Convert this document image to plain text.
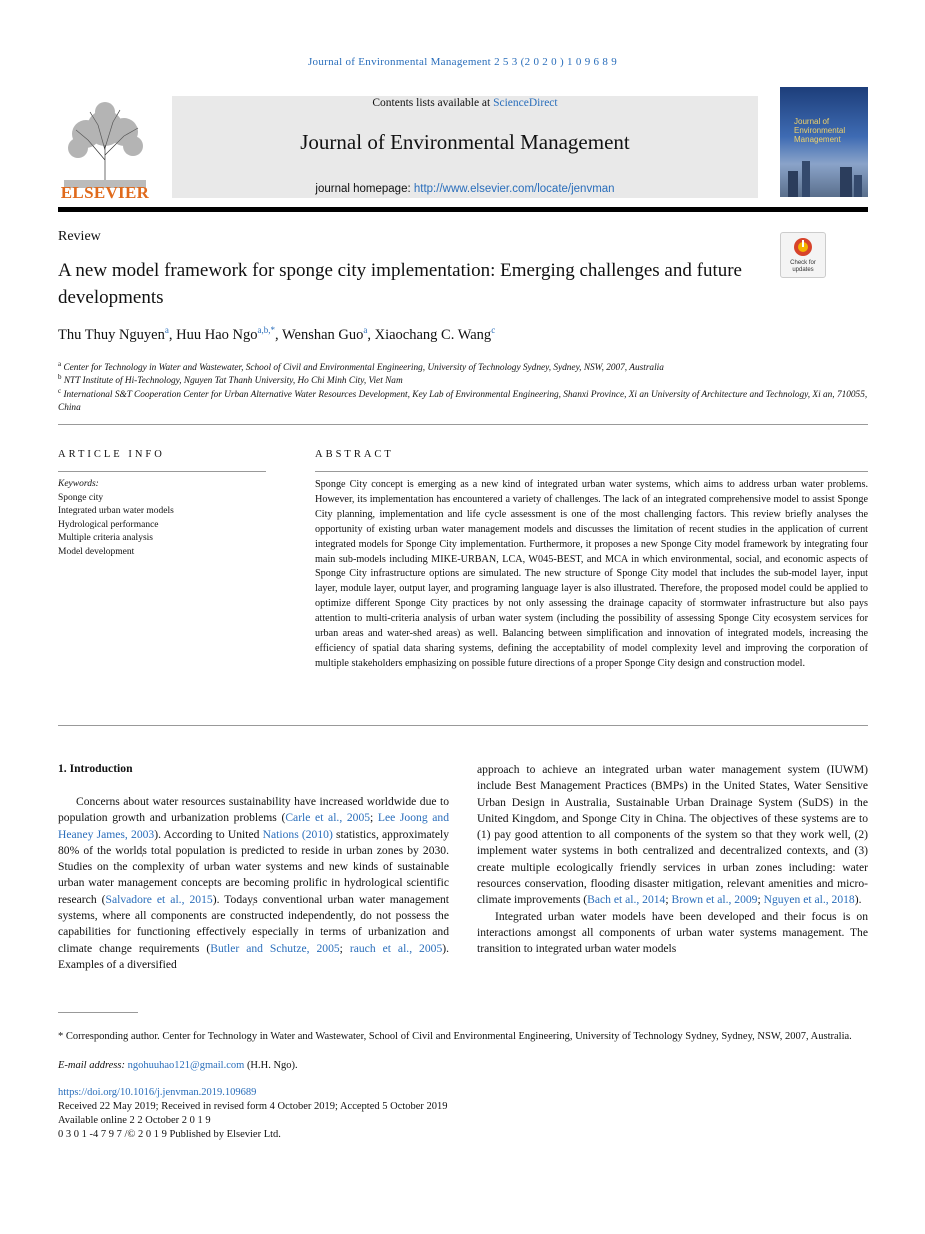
Journal of Environmental Management 2 5 3 (2 0 2 0 ) 1 0 9 6 8 9
ELSEVIER
Contents lists available at ScienceDirect
Journal of Environmental Management
journal homepage: http://www.elsevier.com/locate/jenvman
Journal of
Environmental
Management
Review
Check for
updates
A new model framework for sponge city implementation: Emerging challenges and future developments
Thu Thuy Nguyen$^a$, Huu Hao Ngo$^{a,b,*}$, Wenshan Guo$^a$, Xiaochang C. Wang$^c$
$^a$ Center for Technology in Water and Wastewater, School of Civil and Environmental Engineering, University of Technology Sydney, Sydney, NSW, 2007, Australia
$^b$ NTT Institute of Hi-Technology, Nguyen Tat Thanh University, Ho Chi Minh City, Viet Nam
$^c$ International S&T Cooperation Center for Urban Alternative Water Resources Development, Key Lab of Environmental Engineering, Shanxi Province, Xi an University of Architecture and Technology, Xi an, 710055, China
ARTICLE INFO	ABSTRACT
Keywords:
Sponge city
Integrated urban water models
Hydrological performance
Multiple criteria analysis
Model development
Sponge City concept is emerging as a new kind of integrated urban water systems, which aims to address urban water problems. However, its implementation has encountered a variety of challenges. The lack of an integrated comprehensive model to assist Sponge City planning, implementation and life cycle assessment is one of the most challenging factors. This review briefly analyses the opportunity of existing urban water management models and discusses the limitation of recent studies in the application of current integrated models for Sponge City implementation. Furthermore, it proposes a new Sponge City model framework by integrating four main sub-models including MIKE-URBAN, LCA, W045-BEST, and MCA in which environmental, social, and economic aspects of Sponge City infrastructure options are simulated. The new structure of Sponge City model that includes the sub-model layer, input layer, module layer, output layer, and programing language layer is also illustrated. Therefore, the proposed model could be applied to optimize different Sponge City practices by not only assessing the drainage capacity of stormwater infrastructure but also pays attention to multi-criteria analysis of urban water system (including the possibility of assessing Sponge City ecosystem services for urban areas and water-shed areas) as well. Balancing between simplification and innovation of integrated models, increasing the efficiency of spatial data sharing systems, defining the acceptability of model complexity level and improving the corporation of multiple stakeholders emphasizing on possible future directions of a proper Sponge City design and construction model.
1. Introduction

Concerns about water resources sustainability have increased worldwide due to population growth and urbanization problems (Carle et al., 2005; Lee Joong and Heaney James, 2003). According to United Nations (2010) statistics, approximately 80% of the world̩s total population is predicted to reside in urban zones by 2030. Studies on the complexity of urban water systems and new kinds of sustainable urban water management concepts are becoming prolific in hydrological scientific research (Salvadore et al., 2015). Today̩s conventional urban water management systems, where all components are constructed independently, do not possess the capabilities for functioning effectively especially in terms of urbanization and climate change requirements (Butler and Schutze, 2005; rauch et al., 2005). Examples of a diversified

approach to achieve an integrated urban water management system (IUWM) include Best Management Practices (BMPs) in the United States, Water Sensitive Urban Design in Australia, Sustainable Urban Drainage System (SuDS) in the United Kingdom, and Sponge City in China. The objectives of these systems are to (1) pay good attention to all components of the system so that they work well, (2) implement water systems in both centralized and decentralized contexts, and (3) create multiple ecologically friendly services in urban zones including: water resources conservation, flooding disaster mitigation, relevant amenities and micro-climate improvements (Bach et al., 2014; Brown et al., 2009; Nguyen et al., 2018).

Integrated urban water models have been developed and their focus is on interactions amongst all components of urban water systems management. The transition to integrated urban water models

* Corresponding author. Center for Technology in Water and Wastewater, School of Civil and Environmental Engineering, University of Technology Sydney, Sydney, NSW, 2007, Australia.
E-mail address: ngohuuhao121@gmail.com (H.H. Ngo).
https://doi.org/10.1016/j.jenvman.2019.109689
Received 22 May 2019; Received in revised form 4 October 2019; Accepted 5 October 2019
Available online 2 2 October 2 0 1 9
0 3 0 1 -4 7 9 7 /© 2 0 1 9 Published by Elsevier Ltd.
